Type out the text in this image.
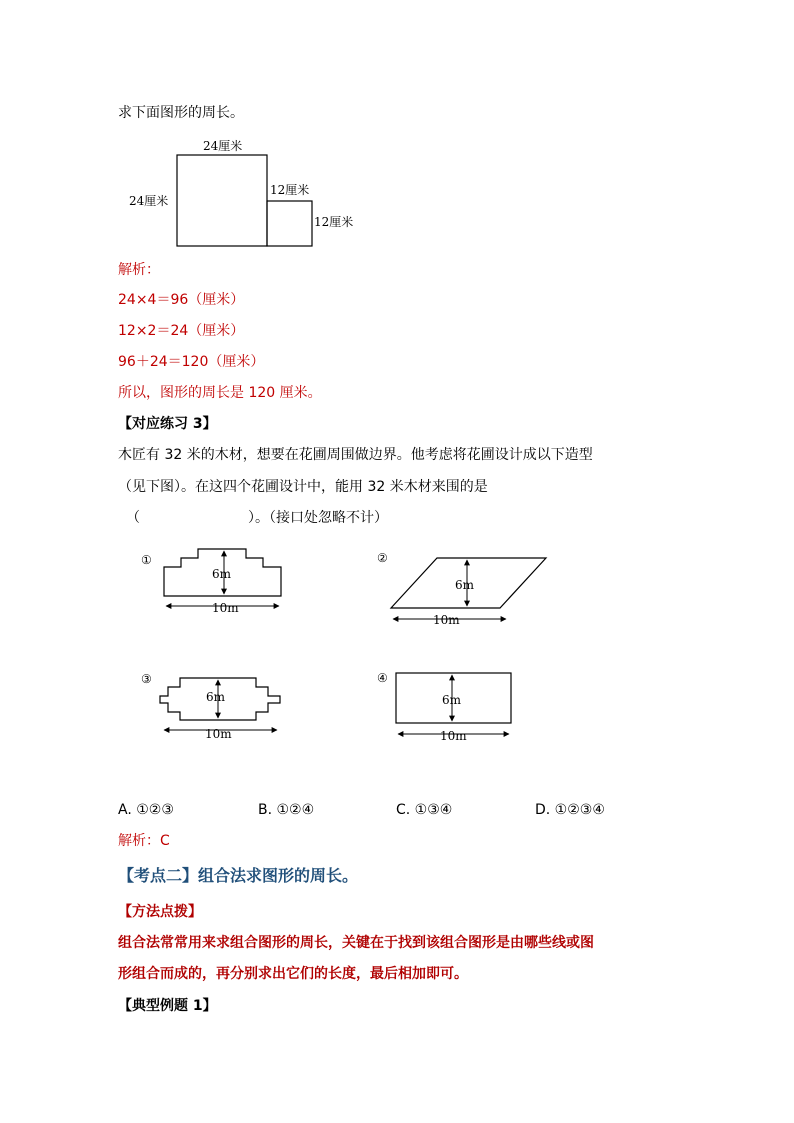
求下面图形的周长。
24厘米
24厘米
12厘米
12厘米
解析：
24×4＝96（厘米）
12×2＝24（厘米）
96＋24＝120（厘米）
所以，图形的周长是 120 厘米。
【对应练习 3】
木匠有 32 米的木材，想要在花圃周围做边界。他考虑将花圃设计成以下造型
（见下图）。在这四个花圃设计中，能用 32 米木材来围的是
（	）。（接口处忽略不计）
①
6m
10m
②
6m
10m
③
6m
10m
④
6m
10m
A. ①②③	B. ①②④	C. ①③④	D. ①②③④
解析：C
【考点二】组合法求图形的周长。
【方法点拨】
组合法常常用来求组合图形的周长，关键在于找到该组合图形是由哪些线或图
形组合而成的，再分别求出它们的长度，最后相加即可。
【典型例题 1】
